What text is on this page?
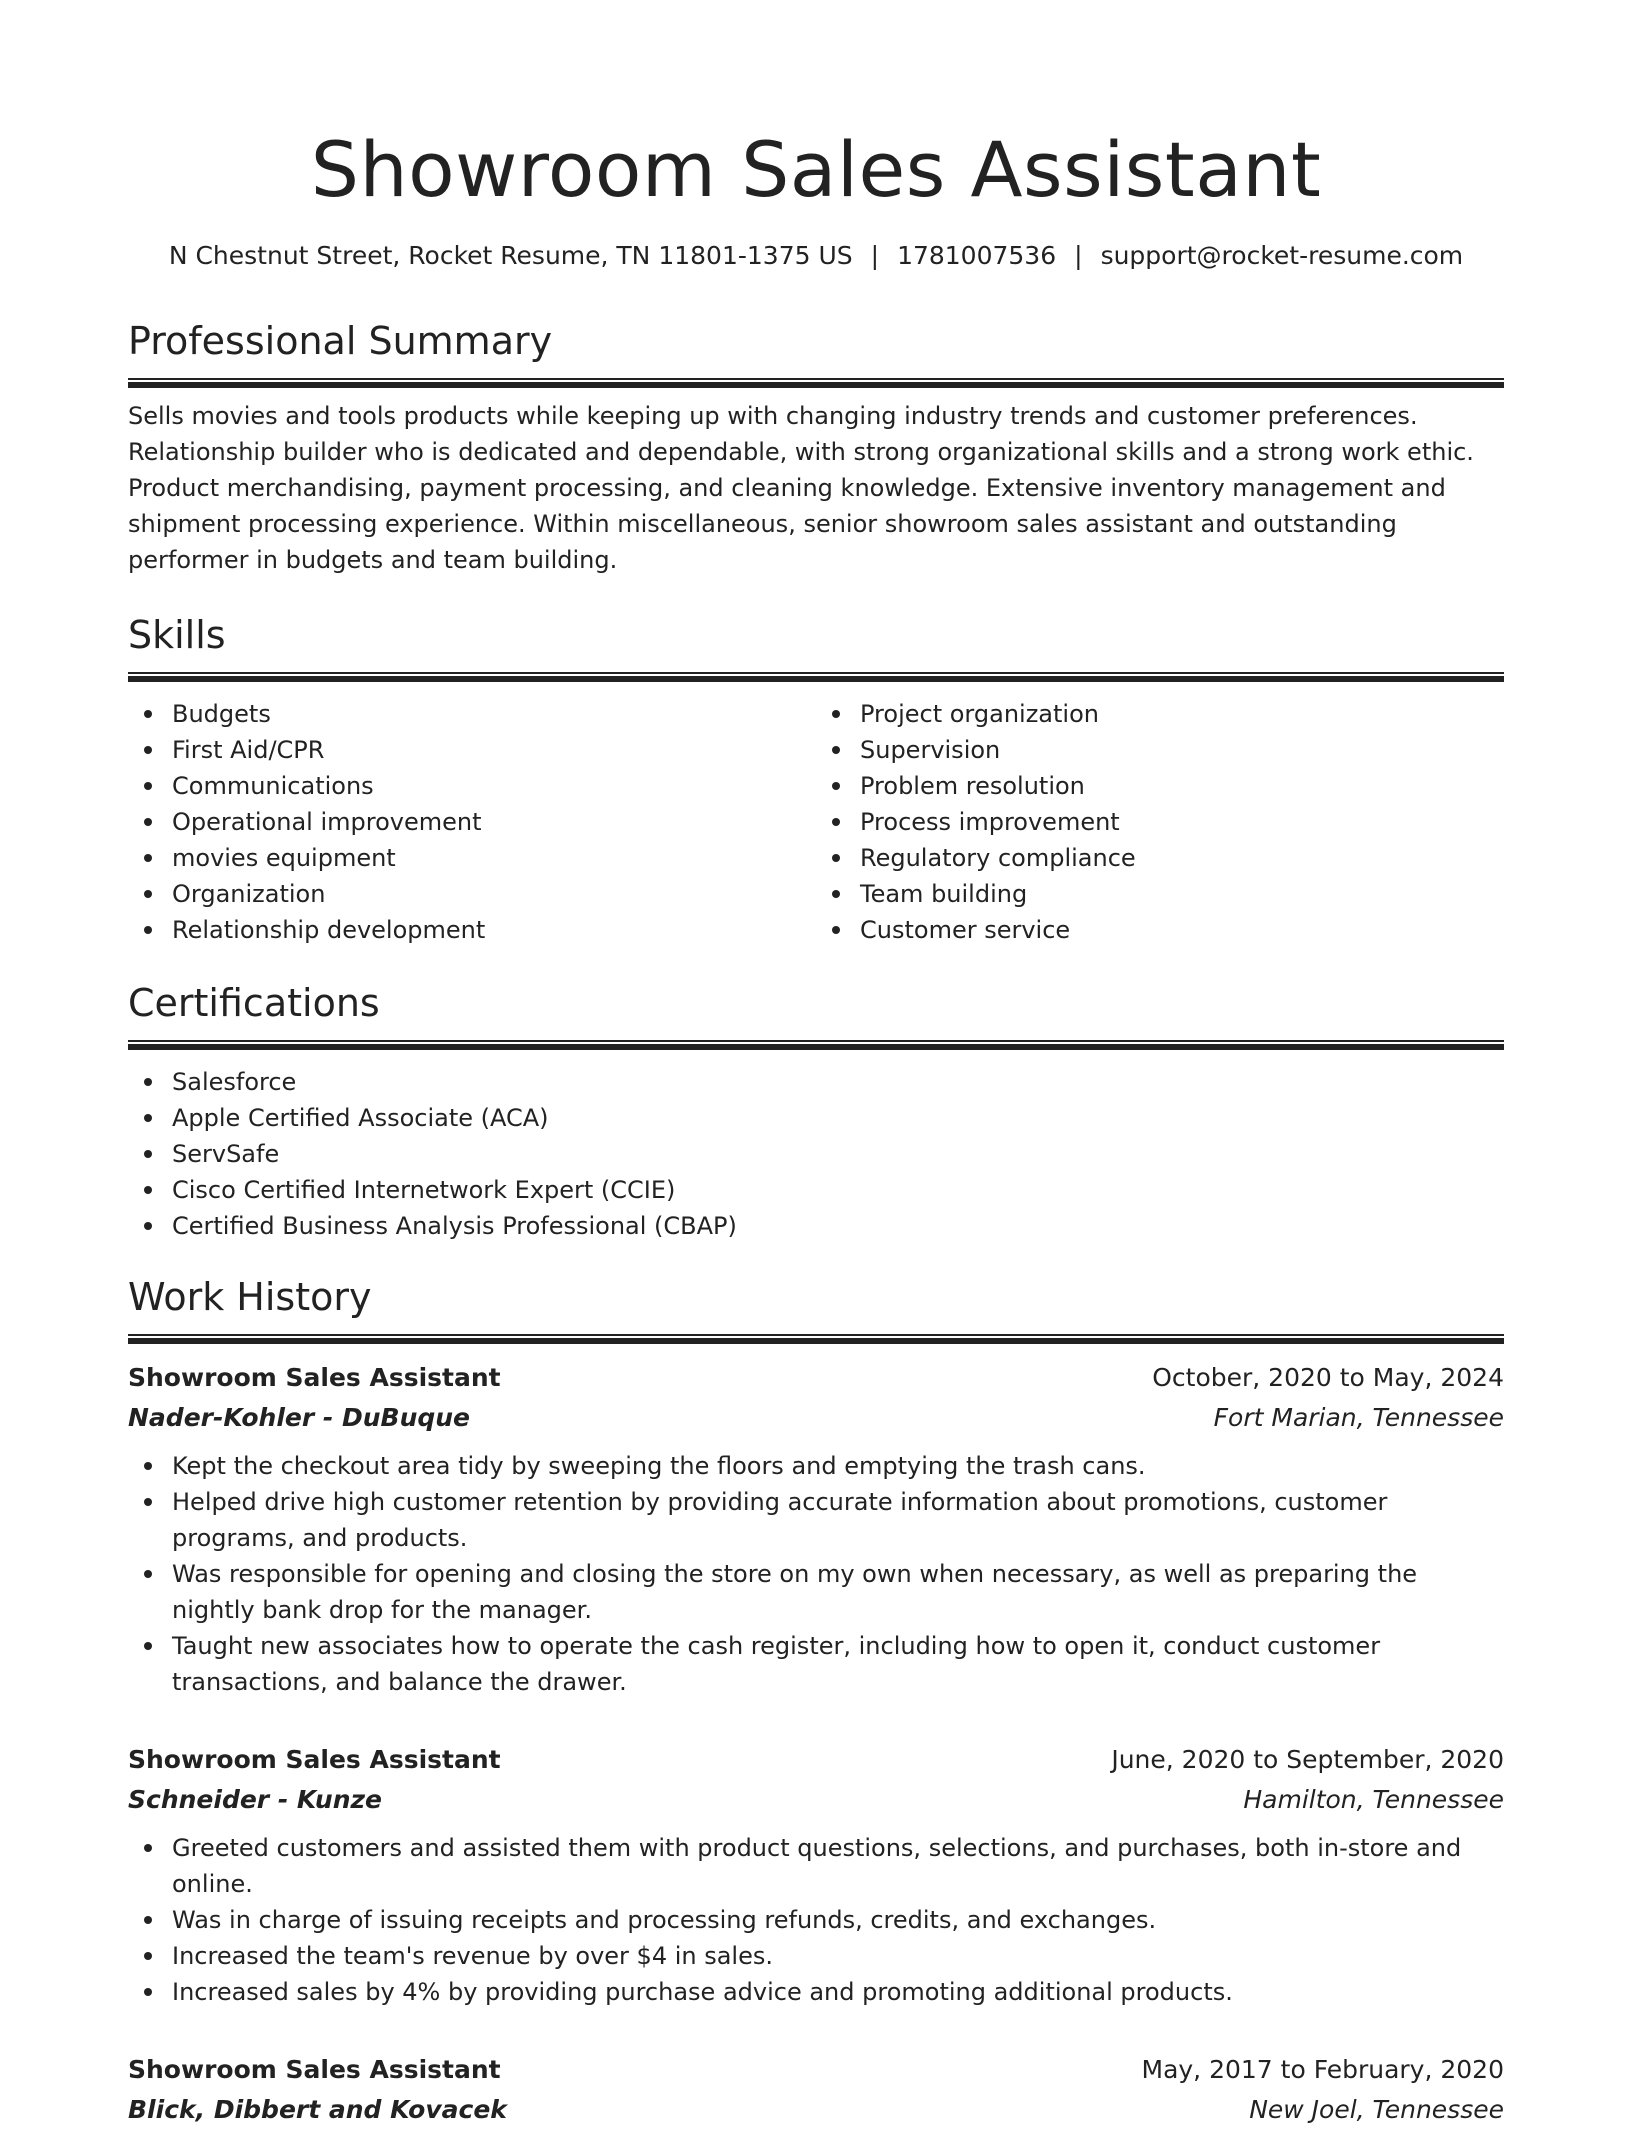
Showroom Sales Assistant
N Chestnut Street, Rocket Resume, TN 11801-1375 US | 1781007536 | support@rocket-resume.com
Professional Summary

Sells movies and tools products while keeping up with changing industry trends and customer preferences. Relationship builder who is dedicated and dependable, with strong organizational skills and a strong work ethic. Product merchandising, payment processing, and cleaning knowledge. Extensive inventory management and shipment processing experience. Within miscellaneous, senior showroom sales assistant and outstanding performer in budgets and team building.

Skills
Budgets
First Aid/CPR
Communications
Operational improvement
movies equipment
Organization
Relationship development
Project organization
Supervision
Problem resolution
Process improvement
Regulatory compliance
Team building
Customer service
Certifications
Salesforce
Apple Certified Associate (ACA)
ServSafe
Cisco Certified Internetwork Expert (CCIE)
Certified Business Analysis Professional (CBAP)
Work History
Showroom Sales Assistant	October, 2020 to May, 2024
Nader-Kohler - DuBuque	Fort Marian, Tennessee
Kept the checkout area tidy by sweeping the floors and emptying the trash cans.
Helped drive high customer retention by providing accurate information about promotions, customer programs, and products.
Was responsible for opening and closing the store on my own when necessary, as well as preparing the nightly bank drop for the manager.
Taught new associates how to operate the cash register, including how to open it, conduct customer transactions, and balance the drawer.
Showroom Sales Assistant	June, 2020 to September, 2020
Schneider - Kunze	Hamilton, Tennessee
Greeted customers and assisted them with product questions, selections, and purchases, both in-store and online.
Was in charge of issuing receipts and processing refunds, credits, and exchanges.
Increased the team's revenue by over $4 in sales.
Increased sales by 4% by providing purchase advice and promoting additional products.
Showroom Sales Assistant	May, 2017 to February, 2020
Blick, Dibbert and Kovacek	New Joel, Tennessee
